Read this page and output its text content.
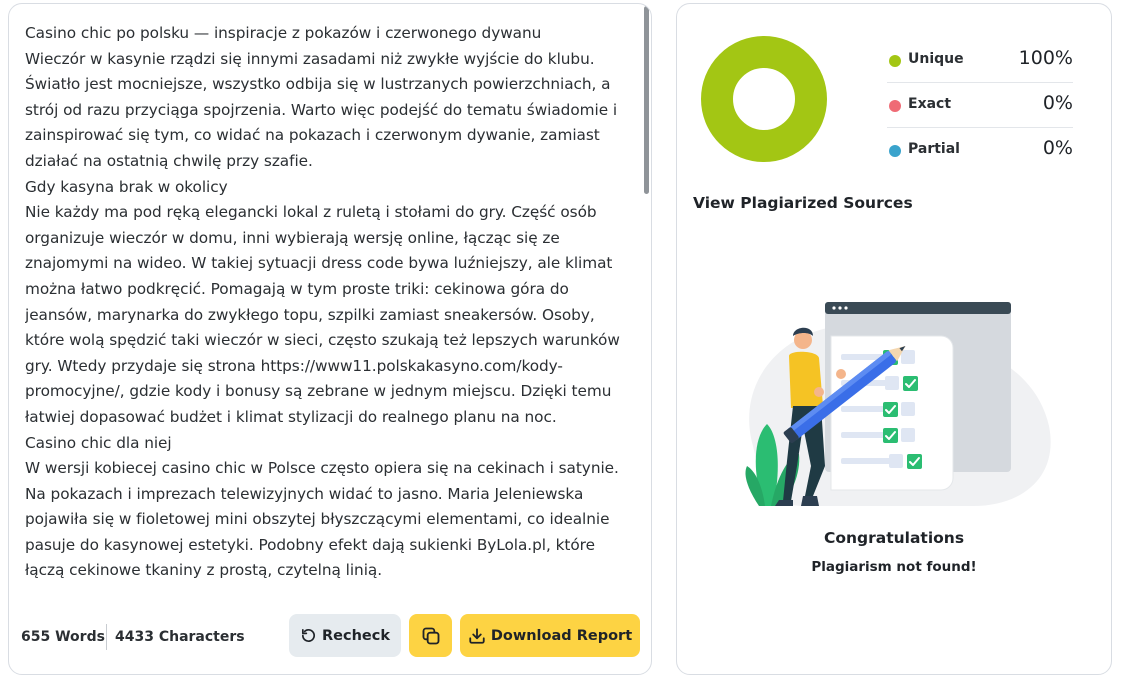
Casino chic po polsku — inspiracje z pokazów i czerwonego dywanu

Wieczór w kasynie rządzi się innymi zasadami niż zwykłe wyjście do klubu. Światło jest mocniejsze, wszystko odbija się w lustrzanych powierzchniach, a strój od razu przyciąga spojrzenia. Warto więc podejść do tematu świadomie i zainspirować się tym, co widać na pokazach i czerwonym dywanie, zamiast działać na ostatnią chwilę przy szafie.

Gdy kasyna brak w okolicy

Nie każdy ma pod ręką elegancki lokal z ruletą i stołami do gry. Część osób organizuje wieczór w domu, inni wybierają wersję online, łącząc się ze znajomymi na wideo. W takiej sytuacji dress code bywa luźniejszy, ale klimat można łatwo podkręcić. Pomagają w tym proste triki: cekinowa góra do jeansów, marynarka do zwykłego topu, szpilki zamiast sneakersów. Osoby, które wolą spędzić taki wieczór w sieci, często szukają też lepszych warunków gry. Wtedy przydaje się strona https://www11.polskakasyno.com/kody-promocyjne/, gdzie kody i bonusy są zebrane w jednym miejscu. Dzięki temu łatwiej dopasować budżet i klimat stylizacji do realnego planu na noc.

Casino chic dla niej

W wersji kobiecej casino chic w Polsce często opiera się na cekinach i satynie. Na pokazach i imprezach telewizyjnych widać to jasno. Maria Jeleniewska pojawiła się w fioletowej mini obszytej błyszczącymi elementami, co idealnie pasuje do kasynowej estetyki. Podobny efekt dają sukienki ByLola.pl, które łączą cekinowe tkaniny z prostą, czytelną linią.

655 Words 4433 Characters	Recheck	Download Report
Unique	100%
Exact	0%
Partial	0%
View Plagiarized Sources
Congratulations
Plagiarism not found!
